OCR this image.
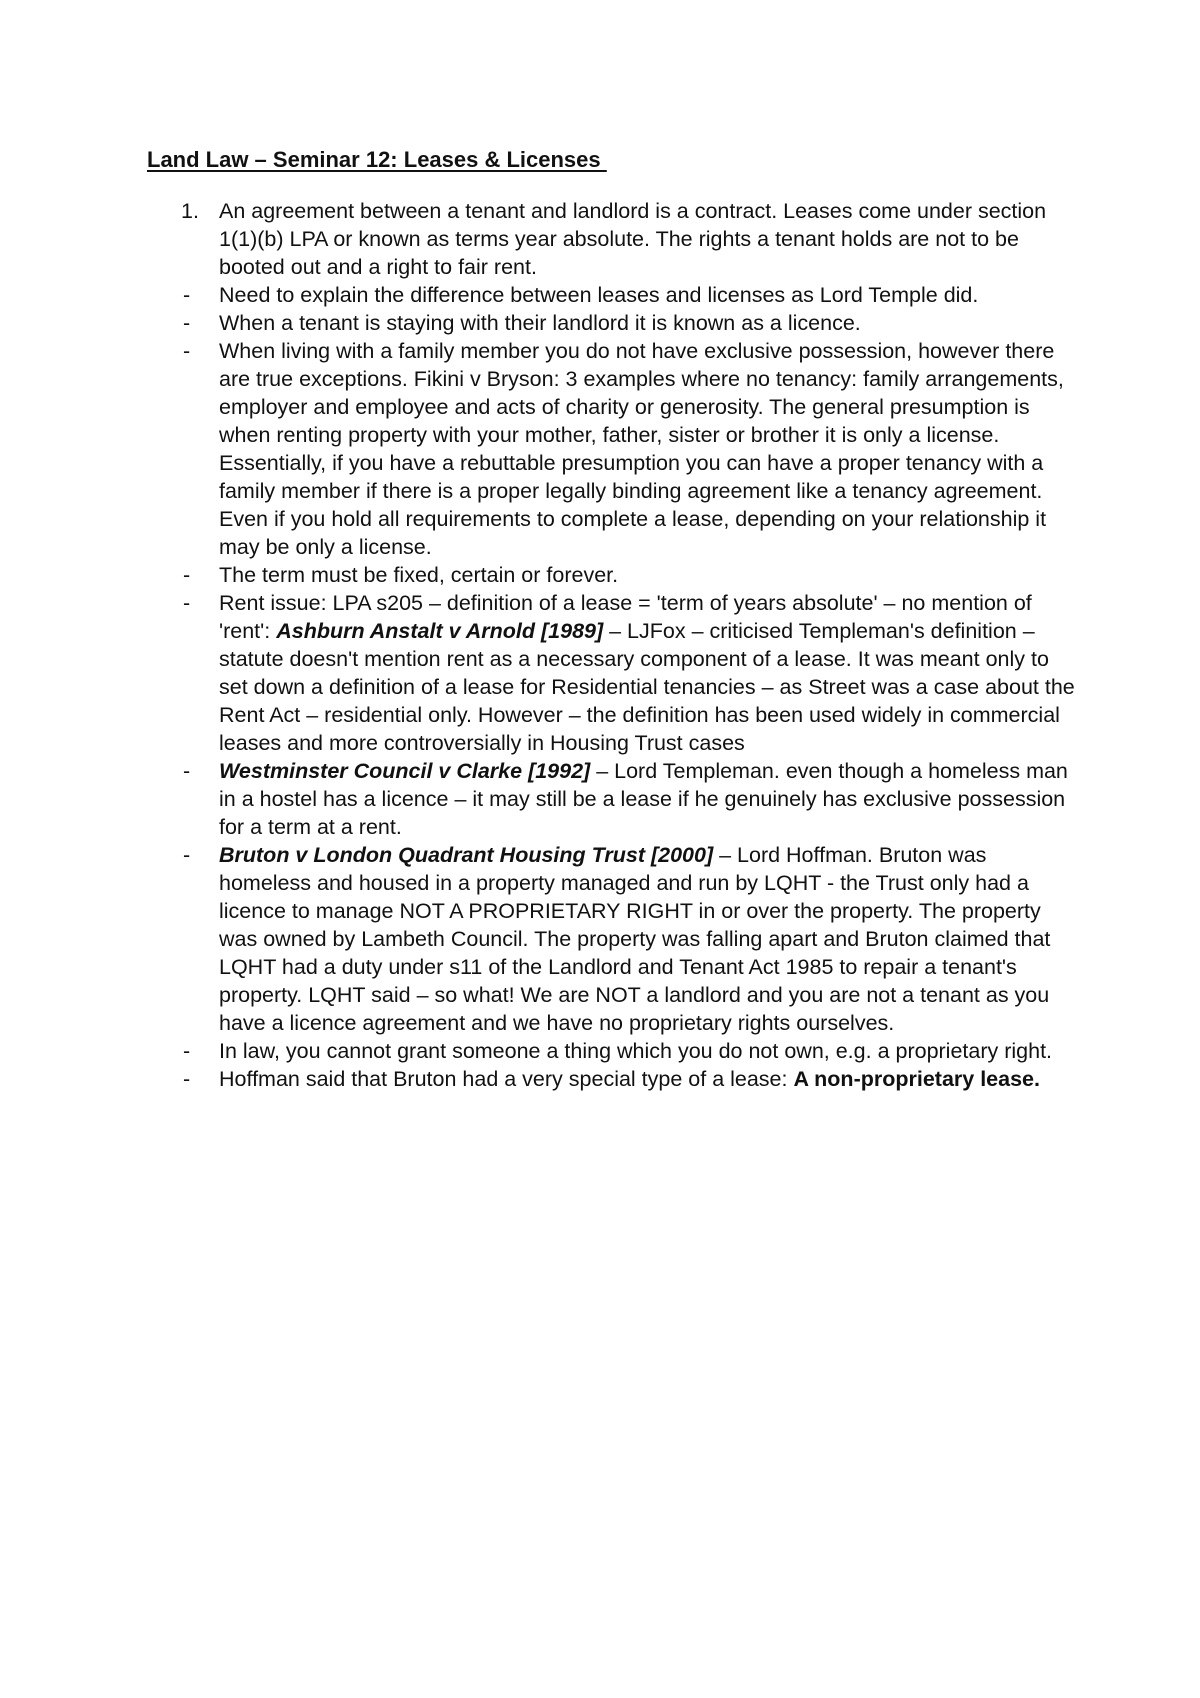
Land Law – Seminar 12: Leases & Licenses
1. An agreement between a tenant and landlord is a contract. Leases come under section 1(1)(b) LPA or known as terms year absolute. The rights a tenant holds are not to be booted out and a right to fair rent.
- Need to explain the difference between leases and licenses as Lord Temple did.
- When a tenant is staying with their landlord it is known as a licence.
- When living with a family member you do not have exclusive possession, however there are true exceptions. Fikini v Bryson: 3 examples where no tenancy: family arrangements, employer and employee and acts of charity or generosity. The general presumption is when renting property with your mother, father, sister or brother it is only a license. Essentially, if you have a rebuttable presumption you can have a proper tenancy with a family member if there is a proper legally binding agreement like a tenancy agreement. Even if you hold all requirements to complete a lease, depending on your relationship it may be only a license.
- The term must be fixed, certain or forever.
- Rent issue: LPA s205 – definition of a lease = 'term of years absolute' – no mention of 'rent': Ashburn Anstalt v Arnold [1989] – LJFox – criticised Templeman's definition – statute doesn't mention rent as a necessary component of a lease. It was meant only to set down a definition of a lease for Residential tenancies – as Street was a case about the Rent Act – residential only. However – the definition has been used widely in commercial leases and more controversially in Housing Trust cases
- Westminster Council v Clarke [1992] – Lord Templeman. even though a homeless man in a hostel has a licence – it may still be a lease if he genuinely has exclusive possession for a term at a rent.
- Bruton v London Quadrant Housing Trust [2000] – Lord Hoffman. Bruton was homeless and housed in a property managed and run by LQHT - the Trust only had a licence to manage NOT A PROPRIETARY RIGHT in or over the property. The property was owned by Lambeth Council. The property was falling apart and Bruton claimed that LQHT had a duty under s11 of the Landlord and Tenant Act 1985 to repair a tenant's property. LQHT said – so what! We are NOT a landlord and you are not a tenant as you have a licence agreement and we have no proprietary rights ourselves.
- In law, you cannot grant someone a thing which you do not own, e.g. a proprietary right.
- Hoffman said that Bruton had a very special type of a lease: A non-proprietary lease.
